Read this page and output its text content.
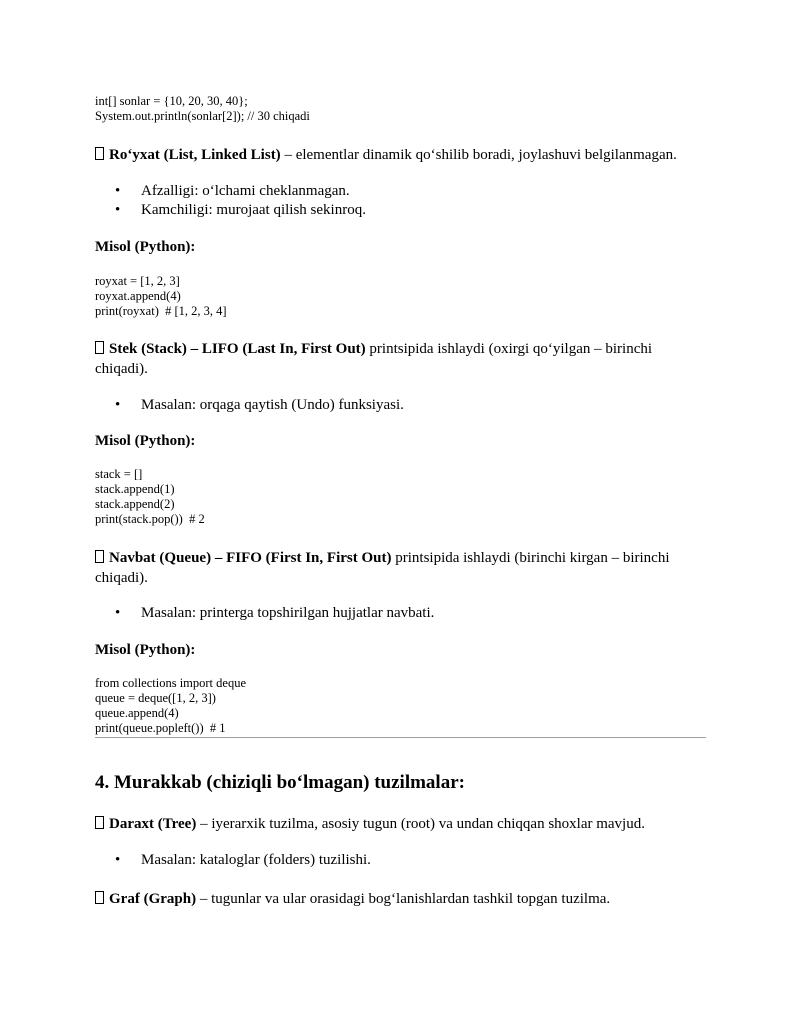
int[] sonlar = {10, 20, 30, 40};
System.out.println(sonlar[2]); // 30 chiqadi

Ro‘yxat (List, Linked List) – elementlar dinamik qo‘shilib boradi, joylashuvi belgilanmagan.

• Afzalligi: o‘lchami cheklanmagan.
• Kamchiligi: murojaat qilish sekinroq.

Misol (Python):

royxat = [1, 2, 3]
royxat.append(4)
print(royxat)  # [1, 2, 3, 4]

Stek (Stack) – LIFO (Last In, First Out) printsipida ishlaydi (oxirgi qo‘yilgan – birinchi

chiqadi).

• Masalan: orqaga qaytish (Undo) funksiyasi.

Misol (Python):

stack = []
stack.append(1)
stack.append(2)
print(stack.pop())  # 2

Navbat (Queue) – FIFO (First In, First Out) printsipida ishlaydi (birinchi kirgan – birinchi

chiqadi).

• Masalan: printerga topshirilgan hujjatlar navbati.

Misol (Python):

from collections import deque
queue = deque([1, 2, 3])
queue.append(4)
print(queue.popleft())  # 1

4. Murakkab (chiziqli bo‘lmagan) tuzilmalar:

Daraxt (Tree) – iyerarxik tuzilma, asosiy tugun (root) va undan chiqqan shoxlar mavjud.

• Masalan: kataloglar (folders) tuzilishi.

Graf (Graph) – tugunlar va ular orasidagi bog‘lanishlardan tashkil topgan tuzilma.
